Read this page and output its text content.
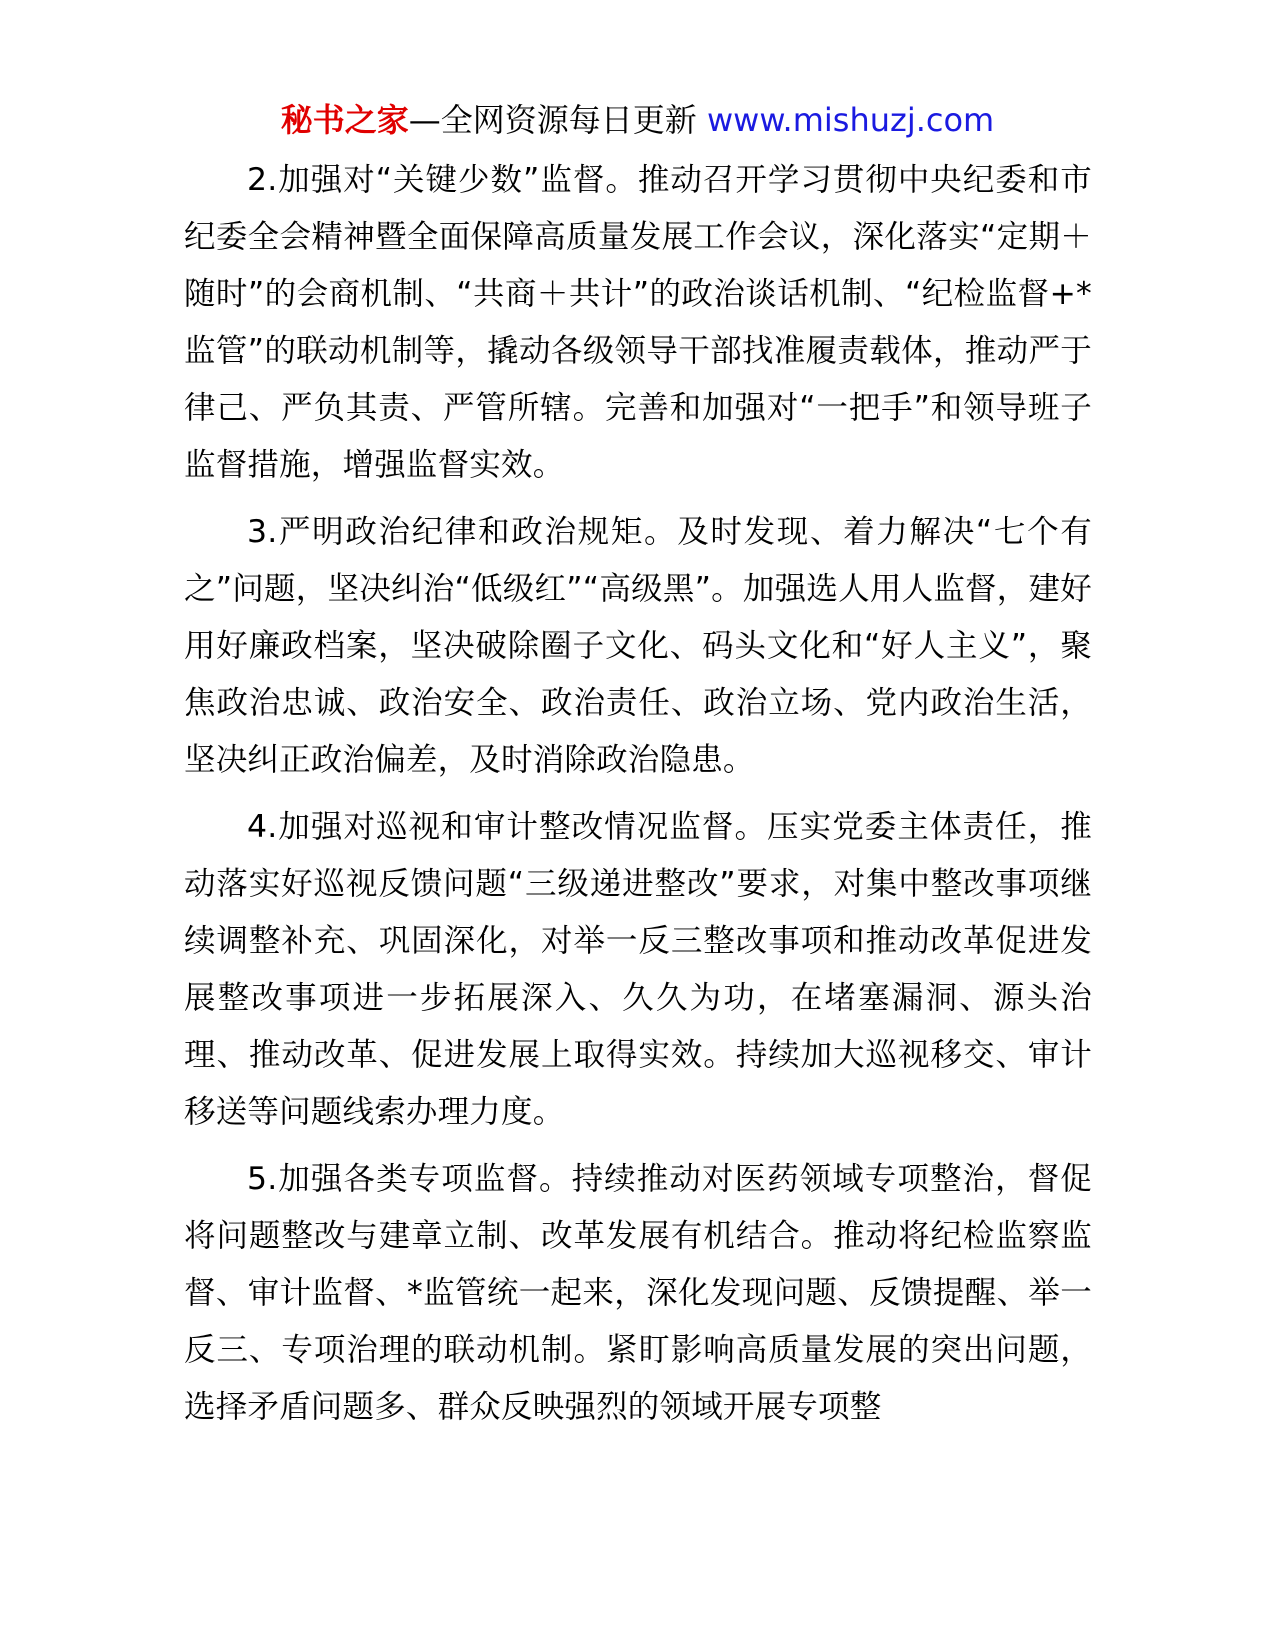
秘书之家—全网资源每日更新 www.mishuzj.com

2.加强对“关键少数”监督。推动召开学习贯彻中央纪委和市纪委全会精神暨全面保障高质量发展工作会议，深化落实“定期＋随时”的会商机制、“共商＋共计”的政治谈话机制、“纪检监督+*监管”的联动机制等，撬动各级领导干部找准履责载体，推动严于律己、严负其责、严管所辖。完善和加强对“一把手”和领导班子监督措施，增强监督实效。

3.严明政治纪律和政治规矩。及时发现、着力解决“七个有之”问题，坚决纠治“低级红”“高级黑”。加强选人用人监督，建好用好廉政档案，坚决破除圈子文化、码头文化和“好人主义”，聚焦政治忠诚、政治安全、政治责任、政治立场、党内政治生活，坚决纠正政治偏差，及时消除政治隐患。

4.加强对巡视和审计整改情况监督。压实党委主体责任，推动落实好巡视反馈问题“三级递进整改”要求，对集中整改事项继续调整补充、巩固深化，对举一反三整改事项和推动改革促进发展整改事项进一步拓展深入、久久为功，在堵塞漏洞、源头治理、推动改革、促进发展上取得实效。持续加大巡视移交、审计移送等问题线索办理力度。

5.加强各类专项监督。持续推动对医药领域专项整治，督促将问题整改与建章立制、改革发展有机结合。推动将纪检监察监督、审计监督、*监管统一起来，深化发现问题、反馈提醒、举一反三、专项治理的联动机制。紧盯影响高质量发展的突出问题，选择矛盾问题多、群众反映强烈的领域开展专项整
